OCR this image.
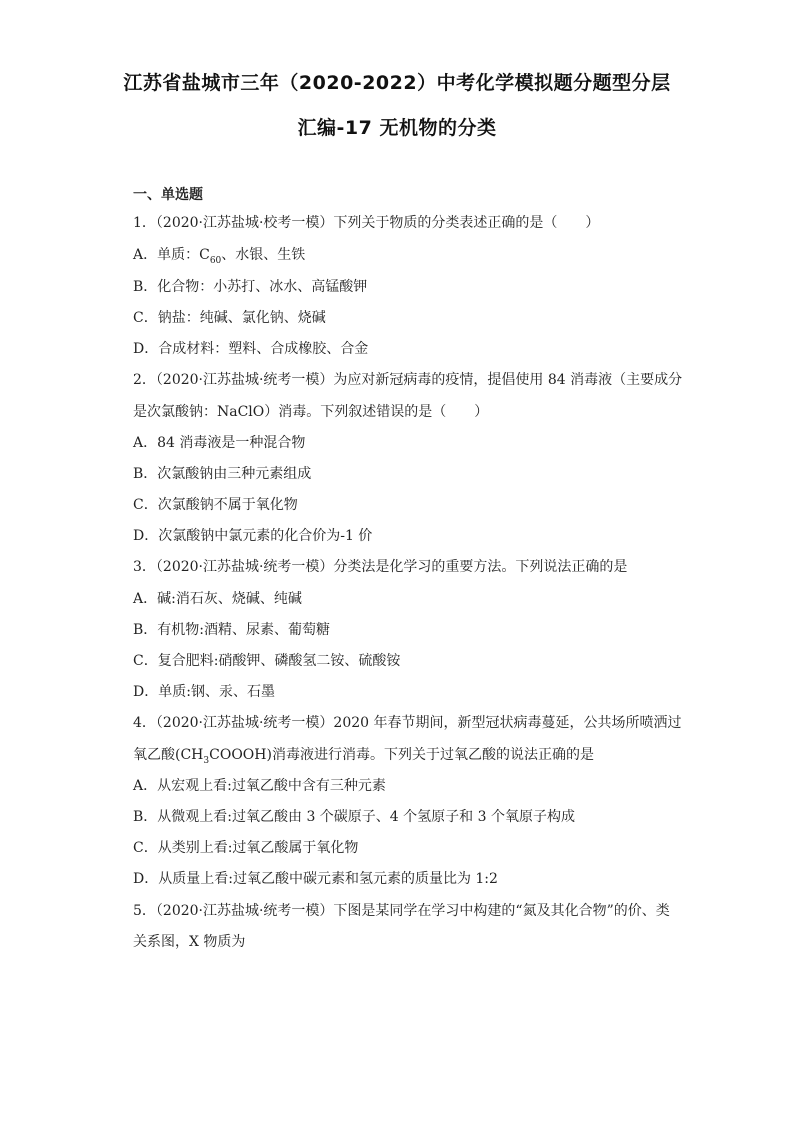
江苏省盐城市三年（2020-2022）中考化学模拟题分题型分层
汇编-17 无机物的分类
一、单选题
1．（2020·江苏盐城·校考一模）下列关于物质的分类表述正确的是（　　）
A．单质：$C_{60}$、水银、生铁
B．化合物：小苏打、冰水、高锰酸钾
C．钠盐：纯碱、氯化钠、烧碱
D．合成材料：塑料、合成橡胶、合金
2．（2020·江苏盐城·统考一模）为应对新冠病毒的疫情，提倡使用 84 消毒液（主要成分
是次氯酸钠：NaClO）消毒。下列叙述错误的是（　　）
A．84 消毒液是一种混合物
B．次氯酸钠由三种元素组成
C．次氯酸钠不属于氧化物
D．次氯酸钠中氯元素的化合价为-1 价
3．（2020·江苏盐城·统考一模）分类法是化学习的重要方法。下列说法正确的是
A．碱:消石灰、烧碱、纯碱
B．有机物:酒精、尿素、葡萄糖
C．复合肥料:硝酸钾、磷酸氢二铵、硫酸铵
D．单质:钢、汞、石墨
4．（2020·江苏盐城·统考一模）2020 年春节期间，新型冠状病毒蔓延，公共场所喷洒过
氧乙酸$(CH_3COOOH)$消毒液进行消毒。下列关于过氧乙酸的说法正确的是
A．从宏观上看:过氧乙酸中含有三种元素
B．从微观上看:过氧乙酸由 3 个碳原子、4 个氢原子和 3 个氧原子构成
C．从类别上看:过氧乙酸属于氧化物
D．从质量上看:过氧乙酸中碳元素和氢元素的质量比为 1:2
5．（2020·江苏盐城·统考一模）下图是某同学在学习中构建的“氮及其化合物”的价、类
关系图，X 物质为
